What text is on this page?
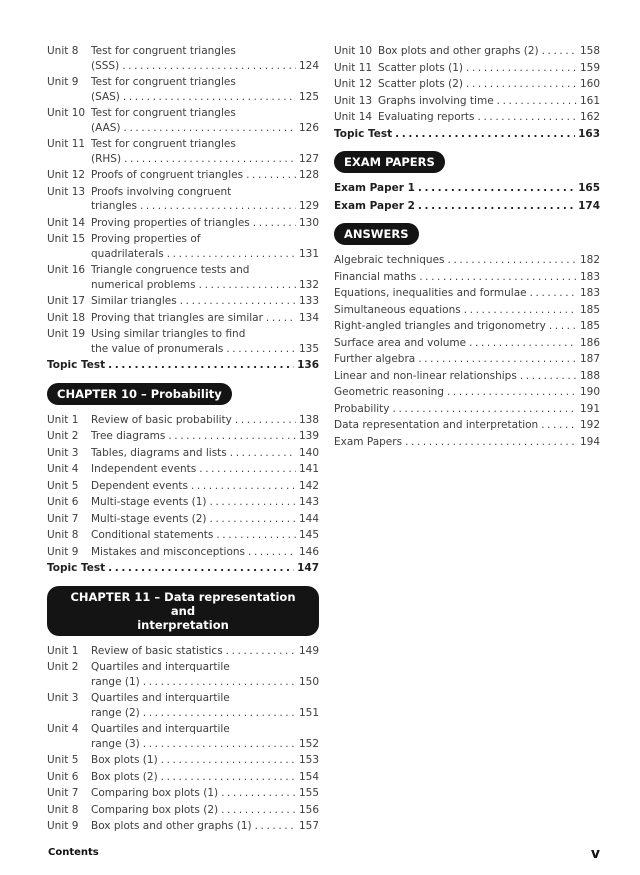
Unit 8	Test for congruent triangles
(SSS) .....	124
Unit 9	Test for congruent triangles
(SAS) .....	125
Unit 10 Test for congruent triangles
(AAS) .....	126
Unit 11 Test for congruent triangles
(RHS) .....	127
Unit 12 Proofs of congruent triangles .....	128
Unit 13 Proofs involving congruent
triangles .....	129
Unit 14 Proving properties of triangles .....	130
Unit 15 Proving properties of
quadrilaterals .....	131
Unit 16 Triangle congruence tests and
numerical problems .....	132
Unit 17 Similar triangles .....	133
Unit 18 Proving that triangles are similar .....	134
Unit 19 Using similar triangles to find
the value of pronumerals .....	135
Topic Test .....	136
CHAPTER 10 – Probability
Unit 1	Review of basic probability .....	138
Unit 2	Tree diagrams .....	139
Unit 3	Tables, diagrams and lists .....	140
Unit 4	Independent events .....	141
Unit 5	Dependent events .....	142
Unit 6	Multi-stage events (1) .....	143
Unit 7	Multi-stage events (2) .....	144
Unit 8	Conditional statements .....	145
Unit 9	Mistakes and misconceptions .....	146
Topic Test .....	147
CHAPTER 11 – Data representation and
interpretation
Unit 1	Review of basic statistics .....	149
Unit 2	Quartiles and interquartile
range (1) .....	150
Unit 3	Quartiles and interquartile
range (2) .....	151
Unit 4	Quartiles and interquartile
range (3) .....	152
Unit 5	Box plots (1) .....	153
Unit 6	Box plots (2) .....	154
Unit 7	Comparing box plots (1) .....	155
Unit 8	Comparing box plots (2) .....	156
Unit 9	Box plots and other graphs (1) .....	157
Unit 10 Box plots and other graphs (2) .....	158
Unit 11 Scatter plots (1) .....	159
Unit 12 Scatter plots (2) .....	160
Unit 13 Graphs involving time .....	161
Unit 14 Evaluating reports .....	162
Topic Test .....	163
EXAM PAPERS
Exam Paper 1 .....	165
Exam Paper 2 .....	174
ANSWERS
Algebraic techniques .....	182
Financial maths .....	183
Equations, inequalities and formulae .....	183
Simultaneous equations .....	185
Right-angled triangles and trigonometry .....	185
Surface area and volume .....	186
Further algebra .....	187
Linear and non-linear relationships .....	188
Geometric reasoning .....	190
Probability .....	191
Data representation and interpretation .....	192
Exam Papers .....	194
Contents	v
